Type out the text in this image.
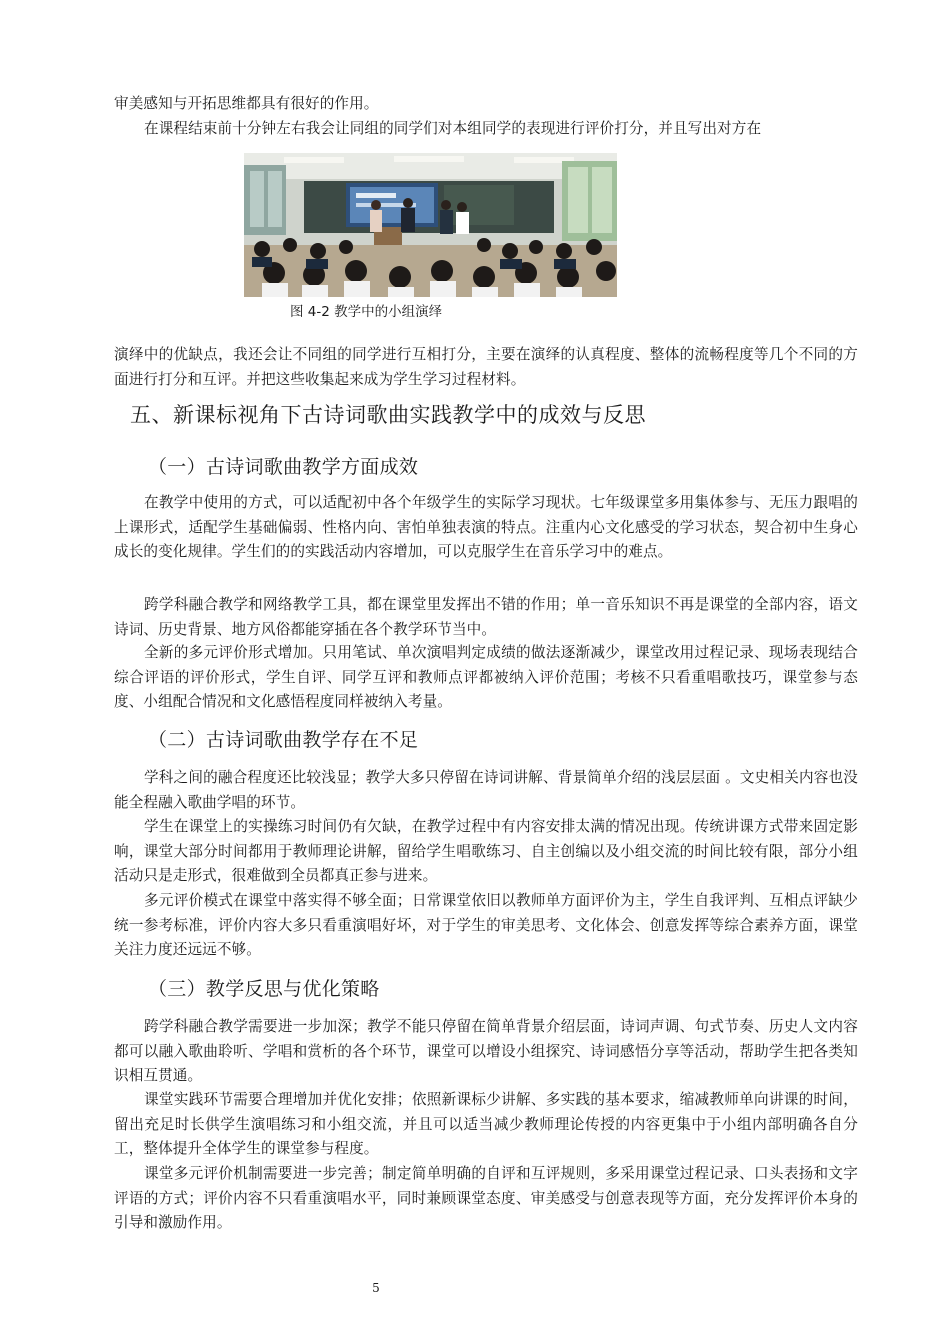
审美感知与开拓思维都具有很好的作用。

在课程结束前十分钟左右我会让同组的同学们对本组同学的表现进行评价打分，并且写出对方在

图 4-2 教学中的小组演绎

演绎中的优缺点，我还会让不同组的同学进行互相打分，主要在演绎的认真程度、整体的流畅程度等几个不同的方面进行打分和互评。并把这些收集起来成为学生学习过程材料。

五、新课标视角下古诗词歌曲实践教学中的成效与反思
（一）古诗词歌曲教学方面成效

在教学中使用的方式，可以适配初中各个年级学生的实际学习现状。七年级课堂多用集体参与、无压力跟唱的上课形式，适配学生基础偏弱、性格内向、害怕单独表演的特点。注重内心文化感受的学习状态，契合初中生身心成长的变化规律。学生们的的实践活动内容增加，可以克服学生在音乐学习中的难点。

跨学科融合教学和网络教学工具，都在课堂里发挥出不错的作用；单一音乐知识不再是课堂的全部内容，语文诗词、历史背景、地方风俗都能穿插在各个教学环节当中。

全新的多元评价形式增加。只用笔试、单次演唱判定成绩的做法逐渐减少，课堂改用过程记录、现场表现结合综合评语的评价形式，学生自评、同学互评和教师点评都被纳入评价范围；考核不只看重唱歌技巧，课堂参与态度、小组配合情况和文化感悟程度同样被纳入考量。

（二）古诗词歌曲教学存在不足

学科之间的融合程度还比较浅显；教学大多只停留在诗词讲解、背景简单介绍的浅层层面 。文史相关内容也没能全程融入歌曲学唱的环节。

学生在课堂上的实操练习时间仍有欠缺，在教学过程中有内容安排太满的情况出现。传统讲课方式带来固定影响，课堂大部分时间都用于教师理论讲解，留给学生唱歌练习、自主创编以及小组交流的时间比较有限，部分小组活动只是走形式，很难做到全员都真正参与进来。

多元评价模式在课堂中落实得不够全面；日常课堂依旧以教师单方面评价为主，学生自我评判、互相点评缺少统一参考标准，评价内容大多只看重演唱好坏，对于学生的审美思考、文化体会、创意发挥等综合素养方面，课堂关注力度还远远不够。

（三）教学反思与优化策略

跨学科融合教学需要进一步加深；教学不能只停留在简单背景介绍层面，诗词声调、句式节奏、历史人文内容都可以融入歌曲聆听、学唱和赏析的各个环节，课堂可以增设小组探究、诗词感悟分享等活动，帮助学生把各类知识相互贯通。

课堂实践环节需要合理增加并优化安排；依照新课标少讲解、多实践的基本要求，缩减教师单向讲课的时间，留出充足时长供学生演唱练习和小组交流，并且可以适当减少教师理论传授的内容更集中于小组内部明确各自分工，整体提升全体学生的课堂参与程度。

课堂多元评价机制需要进一步完善；制定简单明确的自评和互评规则，多采用课堂过程记录、口头表扬和文字评语的方式；评价内容不只看重演唱水平，同时兼顾课堂态度、审美感受与创意表现等方面，充分发挥评价本身的引导和激励作用。

5
